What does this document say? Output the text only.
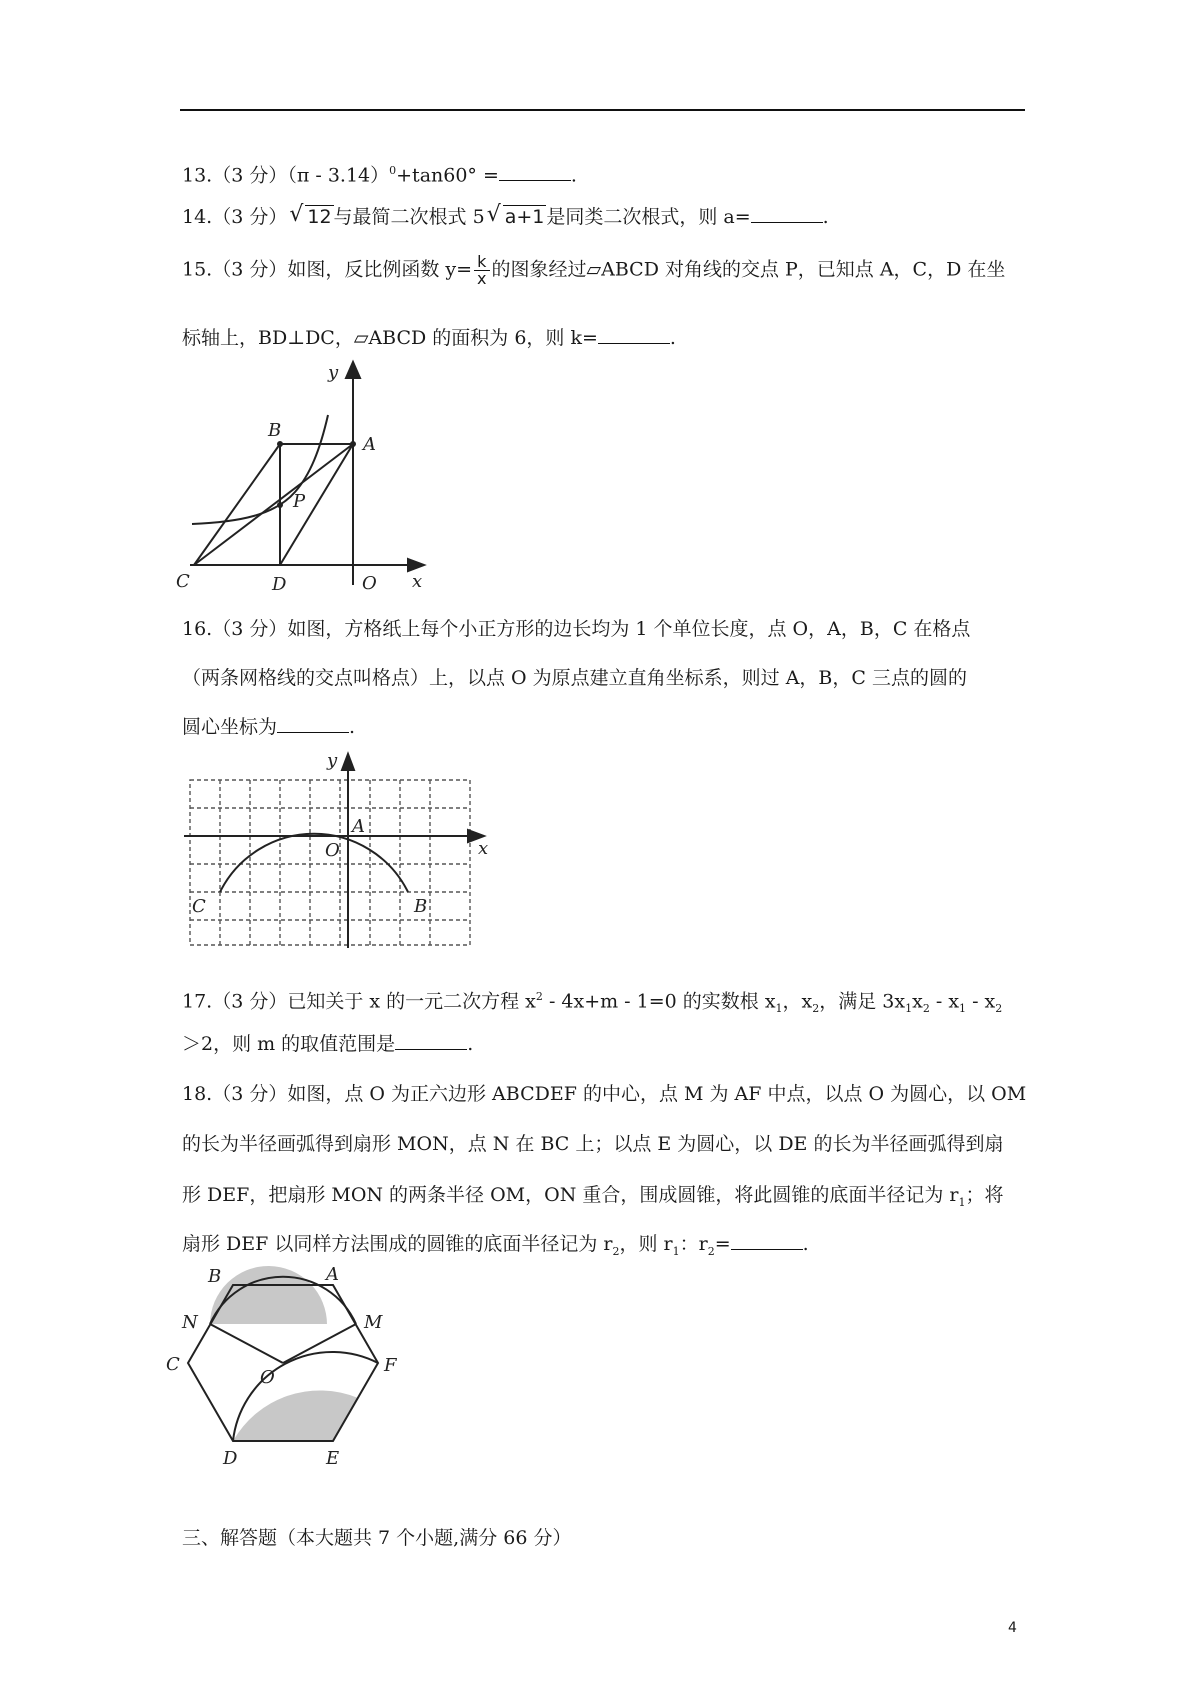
13.（3 分）（π - 3.14）$^0$+tan60° =	.
14.（3 分） √ 12 与最简二次根式 5 √ a+1 是同类二次根式，则 a=	.
15.（3 分）如图，反比例函数 $y= \frac{k}{x}$ 的图象经过▱ABCD 对角线的交点 P，已知点 A，C，D 在坐
标轴上，BD⊥DC，▱ABCD 的面积为 6，则 k=	.
y
x
B
A
P
C	D	O
16.（3 分）如图，方格纸上每个小正方形的边长均为 1 个单位长度，点 O，A，B，C 在格点
（两条网格线的交点叫格点）上，以点 O 为原点建立直角坐标系，则过 A，B，C 三点的圆的
圆心坐标为	.
y
x
A
O
B
C
17.（3 分）已知关于 x 的一元二次方程 $x^2 - 4x+m - 1=0$ 的实数根 $x_1$，$x_2$，满足 $3x_1x_2 - x_1 - x_2$
＞2，则 m 的取值范围是	.
18.（3 分）如图，点 O 为正六边形 ABCDEF 的中心，点 M 为 AF 中点，以点 O 为圆心，以 OM
的长为半径画弧得到扇形 MON，点 N 在 BC 上；以点 E 为圆心，以 DE 的长为半径画弧得到扇
形 DEF，把扇形 MON 的两条半径 OM，ON 重合，围成圆锥，将此圆锥的底面半径记为 $r_1$；将
扇形 DEF 以同样方法围成的圆锥的底面半径记为 $r_2$，则 $r_1$：$r_2=$	.
B	A
N	M
C
O
F
D	E
三、解答题（本大题共 7 个小题,满分 66 分）
4
